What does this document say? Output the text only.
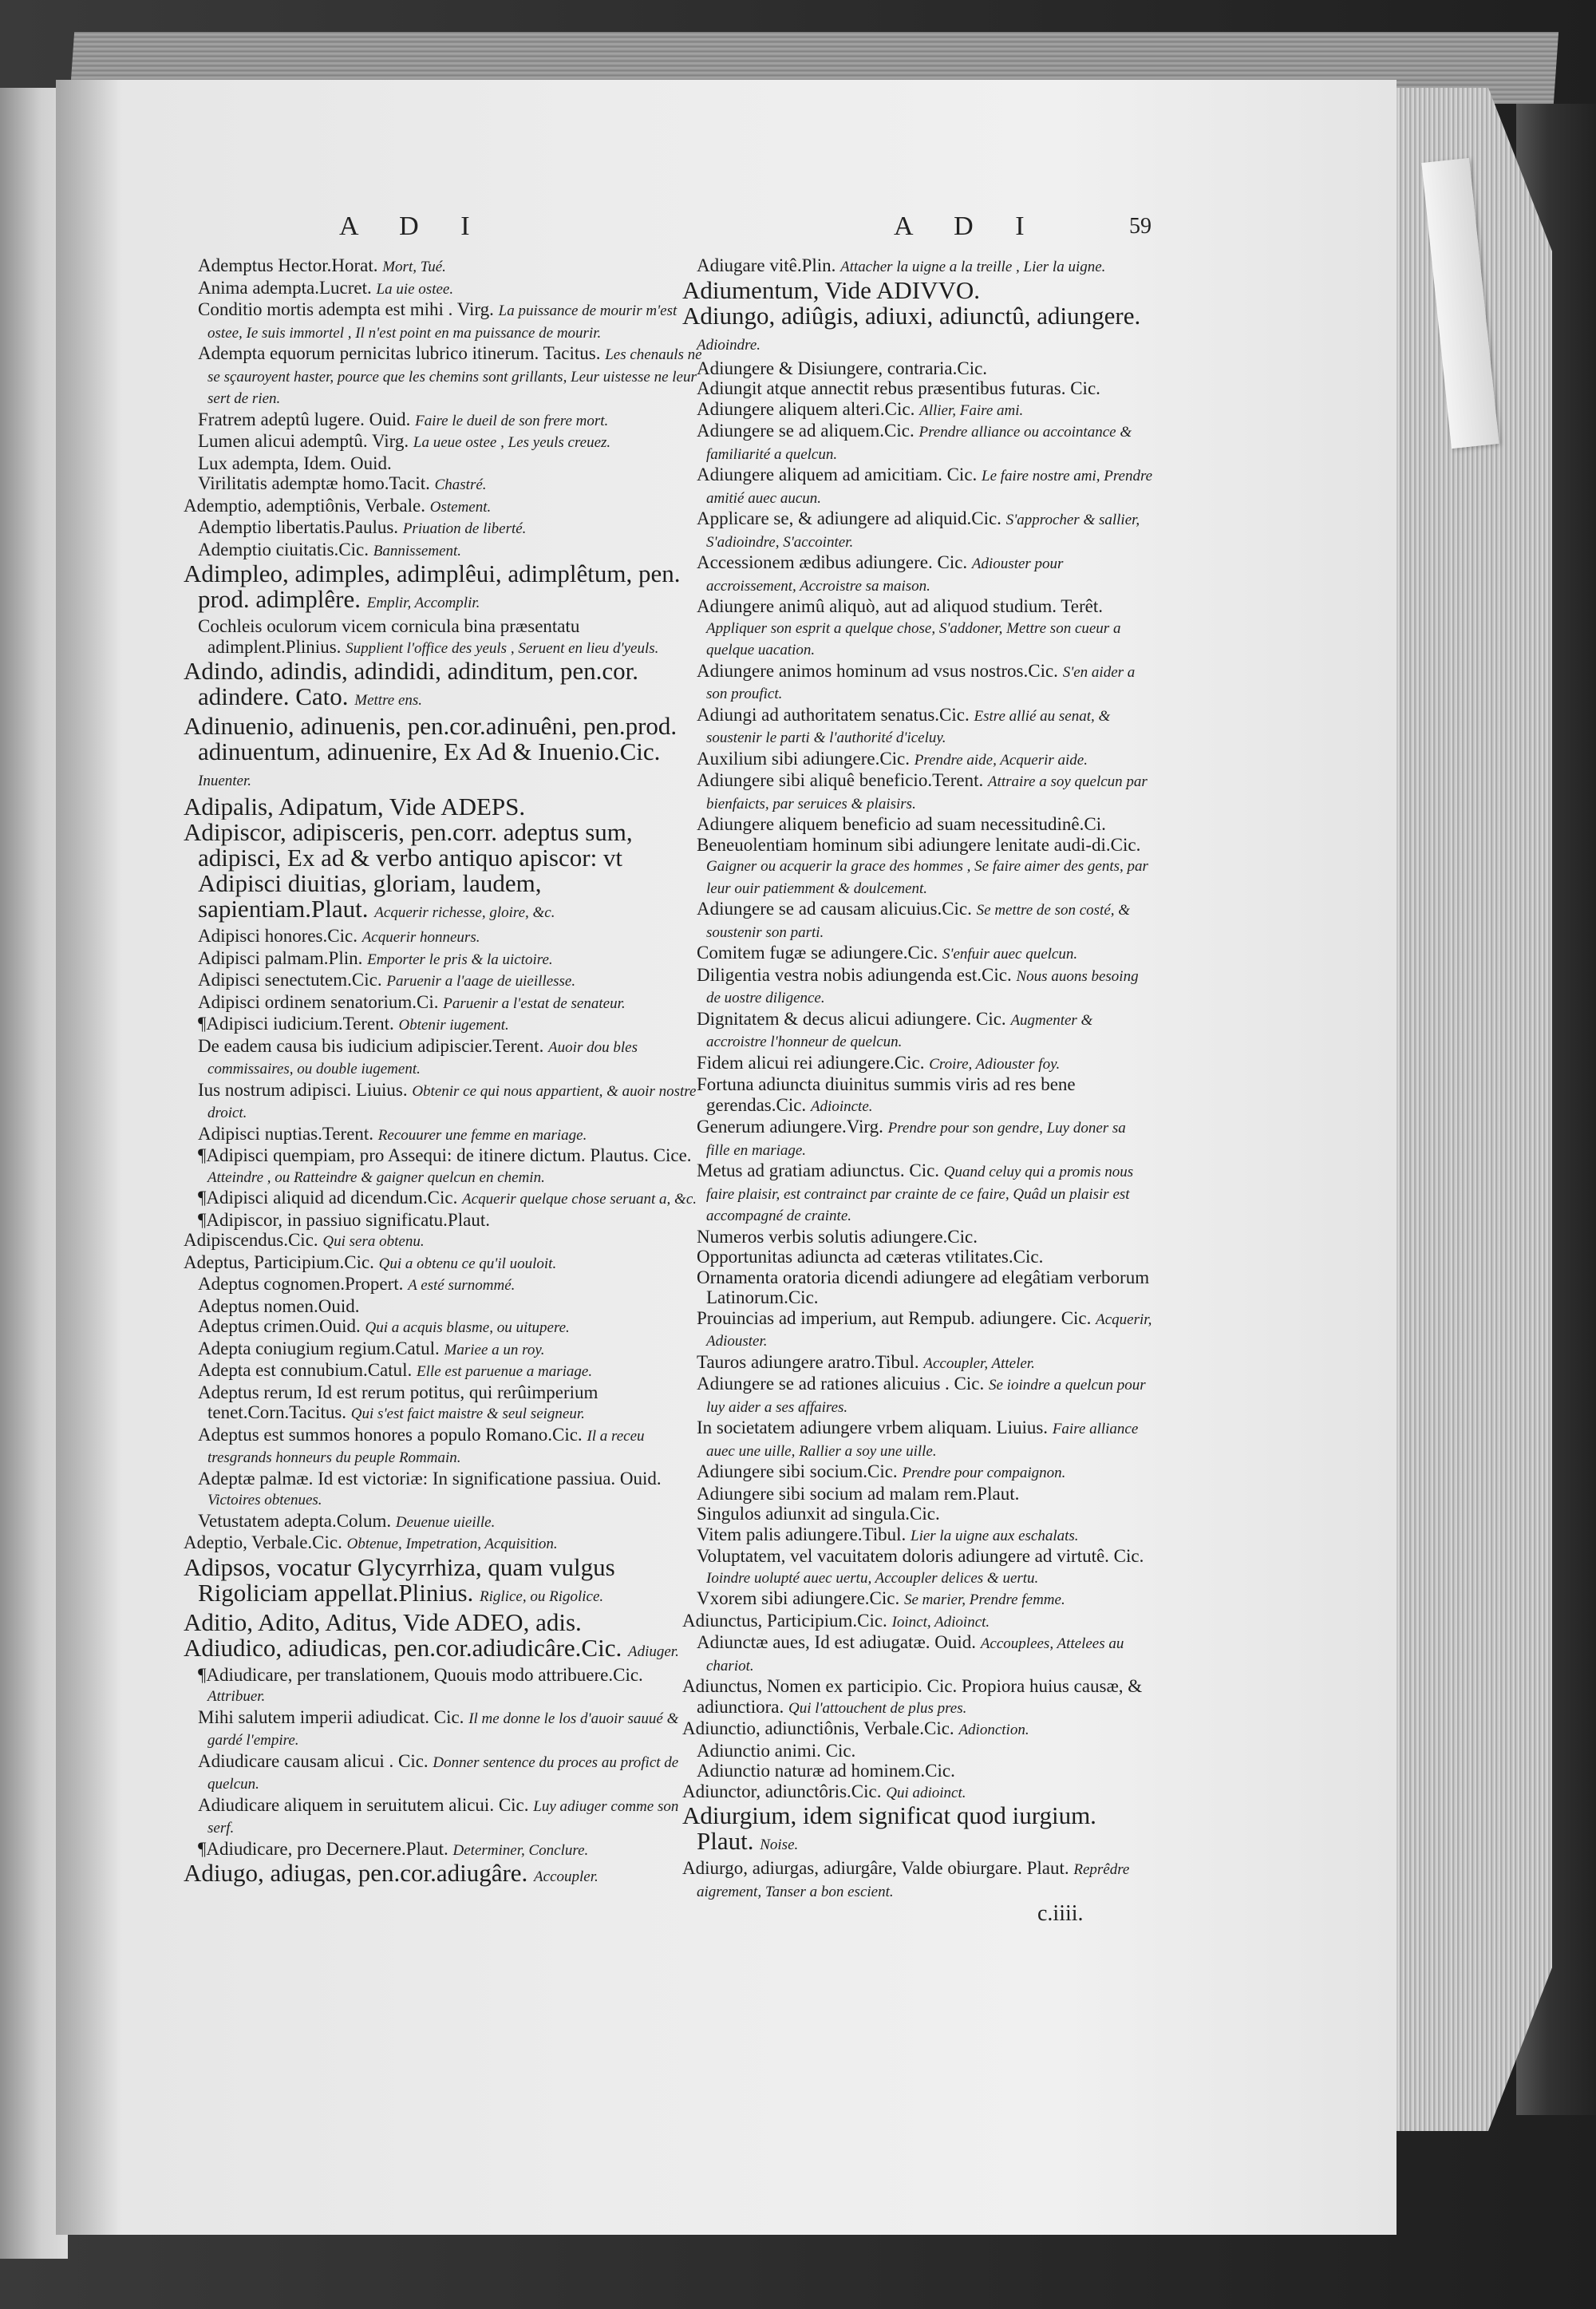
A D I	A D I	59
Ademptus Hector.Horat. Mort, Tué.
Anima adempta.Lucret. La uie ostee.
Conditio mortis adempta est mihi . Virg. La puissance de mourir m'est ostee, Ie suis immortel , Il n'est point en ma puissance de mourir.
Adempta equorum pernicitas lubrico itinerum. Tacitus. Les chenauls ne se sçauroyent haster, pource que les chemins sont grillants, Leur uistesse ne leur sert de rien.
Fratrem adeptû lugere. Ouid. Faire le dueil de son frere mort.
Lumen alicui ademptû. Virg. La ueue ostee , Les yeuls creuez.
Lux adempta, Idem. Ouid.
Virilitatis ademptæ homo.Tacit. Chastré.
Ademptio, ademptiônis, Verbale. Ostement.
Ademptio libertatis.Paulus. Priuation de liberté.
Ademptio ciuitatis.Cic. Bannissement.
Adimpleo, adimples, adimplêui, adimplêtum, pen. prod. adimplêre. Emplir, Accomplir.
Cochleis oculorum vicem cornicula bina præsentatu adimplent.Plinius. Supplient l'office des yeuls , Seruent en lieu d'yeuls.
Adindo, adindis, adindidi, adinditum, pen.cor. adindere. Cato. Mettre ens.
Adinuenio, adinuenis, pen.cor.adinuêni, pen.prod. adinuentum, adinuenire, Ex Ad & Inuenio.Cic. Inuenter.
Adipalis, Adipatum, Vide ADEPS.
Adipiscor, adipisceris, pen.corr. adeptus sum, adipisci, Ex ad & verbo antiquo apiscor: vt Adipisci diuitias, gloriam, laudem, sapientiam.Plaut. Acquerir richesse, gloire, &c.
Adipisci honores.Cic. Acquerir honneurs.
Adipisci palmam.Plin. Emporter le pris & la uictoire.
Adipisci senectutem.Cic. Paruenir a l'aage de uieillesse.
Adipisci ordinem senatorium.Ci. Paruenir a l'estat de senateur.
¶Adipisci iudicium.Terent. Obtenir iugement.
De eadem causa bis iudicium adipiscier.Terent. Auoir dou bles commissaires, ou double iugement.
Ius nostrum adipisci. Liuius. Obtenir ce qui nous appartient, & auoir nostre droict.
Adipisci nuptias.Terent. Recouurer une femme en mariage.
¶Adipisci quempiam, pro Assequi: de itinere dictum. Plautus. Cice. Atteindre , ou Ratteindre & gaigner quelcun en chemin.
¶Adipisci aliquid ad dicendum.Cic. Acquerir quelque chose seruant a, &c.
¶Adipiscor, in passiuo significatu.Plaut.
Adipiscendus.Cic. Qui sera obtenu.
Adeptus, Participium.Cic. Qui a obtenu ce qu'il uouloit.
Adeptus cognomen.Propert. A esté surnommé.
Adeptus nomen.Ouid.
Adeptus crimen.Ouid. Qui a acquis blasme, ou uitupere.
Adepta coniugium regium.Catul. Mariee a un roy.
Adepta est connubium.Catul. Elle est paruenue a mariage.
Adeptus rerum, Id est rerum potitus, qui rerûimperium tenet.Corn.Tacitus. Qui s'est faict maistre & seul seigneur.
Adeptus est summos honores a populo Romano.Cic. Il a receu tresgrands honneurs du peuple Rommain.
Adeptæ palmæ. Id est victoriæ: In significatione passiua. Ouid. Victoires obtenues.
Vetustatem adepta.Colum. Deuenue uieille.
Adeptio, Verbale.Cic. Obtenue, Impetration, Acquisition.
Adipsos, vocatur Glycyrrhiza, quam vulgus Rigoliciam appellat.Plinius. Riglice, ou Rigolice.
Aditio, Adito, Aditus, Vide ADEO, adis.
Adiudico, adiudicas, pen.cor.adiudicâre.Cic. Adiuger.
¶Adiudicare, per translationem, Quouis modo attribuere.Cic. Attribuer.
Mihi salutem imperii adiudicat. Cic. Il me donne le los d'auoir sauué & gardé l'empire.
Adiudicare causam alicui . Cic. Donner sentence du proces au profict de quelcun.
Adiudicare aliquem in seruitutem alicui. Cic. Luy adiuger comme son serf.
¶Adiudicare, pro Decernere.Plaut. Determiner, Conclure.
Adiugo, adiugas, pen.cor.adiugâre. Accoupler.
Adiugare vitê.Plin. Attacher la uigne a la treille , Lier la uigne.
Adiumentum, Vide ADIVVO.
Adiungo, adiûgis, adiuxi, adiunctû, adiungere. Adioindre.
Adiungere & Disiungere, contraria.Cic.
Adiungit atque annectit rebus præsentibus futuras. Cic.
Adiungere aliquem alteri.Cic. Allier, Faire ami.
Adiungere se ad aliquem.Cic. Prendre alliance ou accointance & familiarité a quelcun.
Adiungere aliquem ad amicitiam. Cic. Le faire nostre ami, Prendre amitié auec aucun.
Applicare se, & adiungere ad aliquid.Cic. S'approcher & sallier, S'adioindre, S'accointer.
Accessionem ædibus adiungere. Cic. Adiouster pour accroissement, Accroistre sa maison.
Adiungere animû aliquò, aut ad aliquod studium. Terêt. Appliquer son esprit a quelque chose, S'addoner, Mettre son cueur a quelque uacation.
Adiungere animos hominum ad vsus nostros.Cic. S'en aider a son proufict.
Adiungi ad authoritatem senatus.Cic. Estre allié au senat, & soustenir le parti & l'authorité d'iceluy.
Auxilium sibi adiungere.Cic. Prendre aide, Acquerir aide.
Adiungere sibi aliquê beneficio.Terent. Attraire a soy quelcun par bienfaicts, par seruices & plaisirs.
Adiungere aliquem beneficio ad suam necessitudinê.Ci.
Beneuolentiam hominum sibi adiungere lenitate audi-di.Cic. Gaigner ou acquerir la grace des hommes , Se faire aimer des gents, par leur ouir patiemment & doulcement.
Adiungere se ad causam alicuius.Cic. Se mettre de son costé, & soustenir son parti.
Comitem fugæ se adiungere.Cic. S'enfuir auec quelcun.
Diligentia vestra nobis adiungenda est.Cic. Nous auons besoing de uostre diligence.
Dignitatem & decus alicui adiungere. Cic. Augmenter & accroistre l'honneur de quelcun.
Fidem alicui rei adiungere.Cic. Croire, Adiouster foy.
Fortuna adiuncta diuinitus summis viris ad res bene gerendas.Cic. Adioincte.
Generum adiungere.Virg. Prendre pour son gendre, Luy doner sa fille en mariage.
Metus ad gratiam adiunctus. Cic. Quand celuy qui a promis nous faire plaisir, est contrainct par crainte de ce faire, Quâd un plaisir est accompagné de crainte.
Numeros verbis solutis adiungere.Cic.
Opportunitas adiuncta ad cæteras vtilitates.Cic.
Ornamenta oratoria dicendi adiungere ad elegâtiam verborum Latinorum.Cic.
Prouincias ad imperium, aut Rempub. adiungere. Cic. Acquerir, Adiouster.
Tauros adiungere aratro.Tibul. Accoupler, Atteler.
Adiungere se ad rationes alicuius . Cic. Se ioindre a quelcun pour luy aider a ses affaires.
In societatem adiungere vrbem aliquam. Liuius. Faire alliance auec une uille, Rallier a soy une uille.
Adiungere sibi socium.Cic. Prendre pour compaignon.
Adiungere sibi socium ad malam rem.Plaut.
Singulos adiunxit ad singula.Cic.
Vitem palis adiungere.Tibul. Lier la uigne aux eschalats.
Voluptatem, vel vacuitatem doloris adiungere ad virtutê. Cic. Ioindre uolupté auec uertu, Accoupler delices & uertu.
Vxorem sibi adiungere.Cic. Se marier, Prendre femme.
Adiunctus, Participium.Cic. Ioinct, Adioinct.
Adiunctæ aues, Id est adiugatæ. Ouid. Accouplees, Attelees au chariot.
Adiunctus, Nomen ex participio. Cic. Propiora huius causæ, & adiunctiora. Qui l'attouchent de plus pres.
Adiunctio, adiunctiônis, Verbale.Cic. Adionction.
Adiunctio animi. Cic.
Adiunctio naturæ ad hominem.Cic.
Adiunctor, adiunctôris.Cic. Qui adioinct.
Adiurgium, idem significat quod iurgium. Plaut. Noise.
Adiurgo, adiurgas, adiurgâre, Valde obiurgare. Plaut. Reprêdre aigrement, Tanser a bon escient.
c.iiii.
